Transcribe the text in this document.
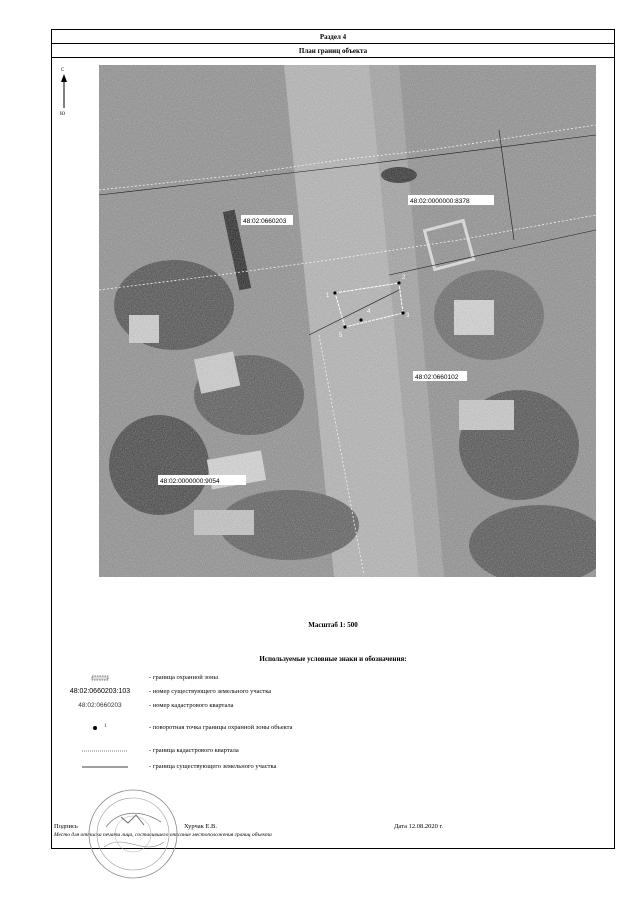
Раздел 4
План границ объекта
С
Ю
1
2
3
4
5
48:02:0000000:8378
48:02:0660203
48:02:0660102
48:02:0000000:9054
Масштаб 1: 500
Используемые условные знаки и обозначения:
- граница охранной зоны
48:02:0660203:103	- номер существующего земельного участка
48:02:0660203	- номер кадастрового квартала
1	- поворотная точка границы охранной зоны объекта
- граница кадастрового квартала
- граница существующего земельного участка
Подпись	Хурчак Е.В.	Дата 12.08.2020 г.
Место для оттиска печати лица, составившего описание местоположения границ объекта
